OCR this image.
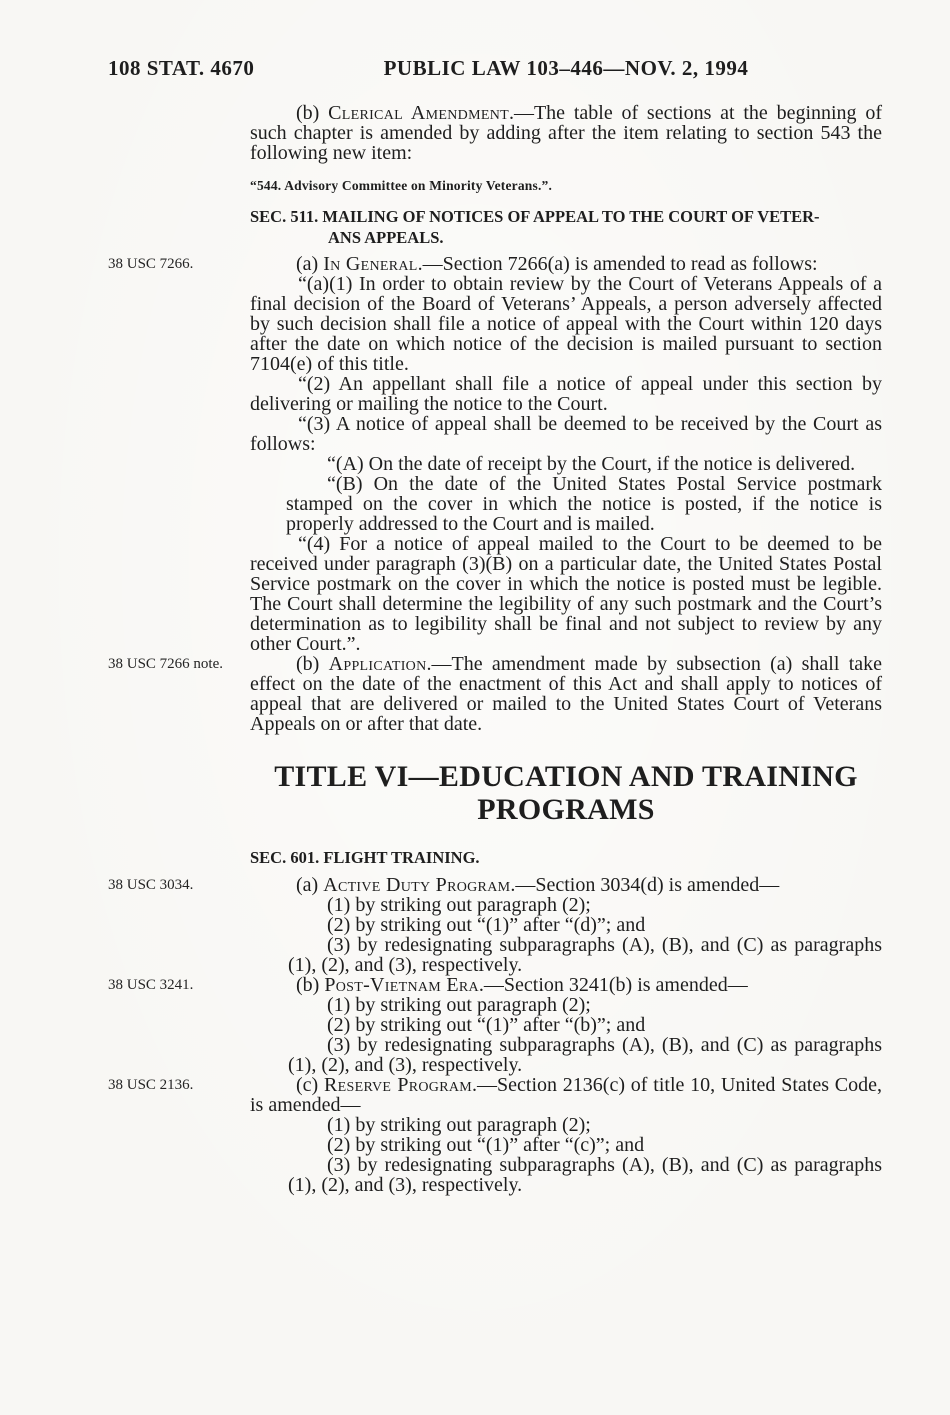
108 STAT. 4670	PUBLIC LAW 103–446—NOV. 2, 1994

(b) Clerical Amendment.—The table of sections at the beginning of such chapter is amended by adding after the item relating to section 543 the following new item:

“544. Advisory Committee on Minority Veterans.”.

SEC. 511. MAILING OF NOTICES OF APPEAL TO THE COURT OF VETER-
ANS APPEALS.
38 USC 7266.	(a) In General.—Section 7266(a) is amended to read as follows:

“(a)(1) In order to obtain review by the Court of Veterans Appeals of a final decision of the Board of Veterans’ Appeals, a person adversely affected by such decision shall file a notice of appeal with the Court within 120 days after the date on which notice of the decision is mailed pursuant to section 7104(e) of this title.

“(2) An appellant shall file a notice of appeal under this section by delivering or mailing the notice to the Court.

“(3) A notice of appeal shall be deemed to be received by the Court as follows:

“(A) On the date of receipt by the Court, if the notice is delivered.

“(B) On the date of the United States Postal Service postmark stamped on the cover in which the notice is posted, if the notice is properly addressed to the Court and is mailed.

“(4) For a notice of appeal mailed to the Court to be deemed to be received under paragraph (3)(B) on a particular date, the United States Postal Service postmark on the cover in which the notice is posted must be legible. The Court shall determine the legibility of any such postmark and the Court’s determination as to legibility shall be final and not subject to review by any other Court.”.

38 USC 7266 note.	(b) Application.—The amendment made by subsection (a) shall take effect on the date of the enactment of this Act and shall apply to notices of appeal that are delivered or mailed to the United States Court of Veterans Appeals on or after that date.

TITLE VI—EDUCATION AND TRAINING
PROGRAMS
SEC. 601. FLIGHT TRAINING.
38 USC 3034.	(a) Active Duty Program.—Section 3034(d) is amended—

(1) by striking out paragraph (2);

(2) by striking out “(1)” after “(d)”; and

(3) by redesignating subparagraphs (A), (B), and (C) as paragraphs (1), (2), and (3), respectively.

38 USC 3241.	(b) Post-Vietnam Era.—Section 3241(b) is amended—

(1) by striking out paragraph (2);

(2) by striking out “(1)” after “(b)”; and

(3) by redesignating subparagraphs (A), (B), and (C) as paragraphs (1), (2), and (3), respectively.

38 USC 2136.	(c) Reserve Program.—Section 2136(c) of title 10, United States Code, is amended—

(1) by striking out paragraph (2);

(2) by striking out “(1)” after “(c)”; and

(3) by redesignating subparagraphs (A), (B), and (C) as paragraphs (1), (2), and (3), respectively.
